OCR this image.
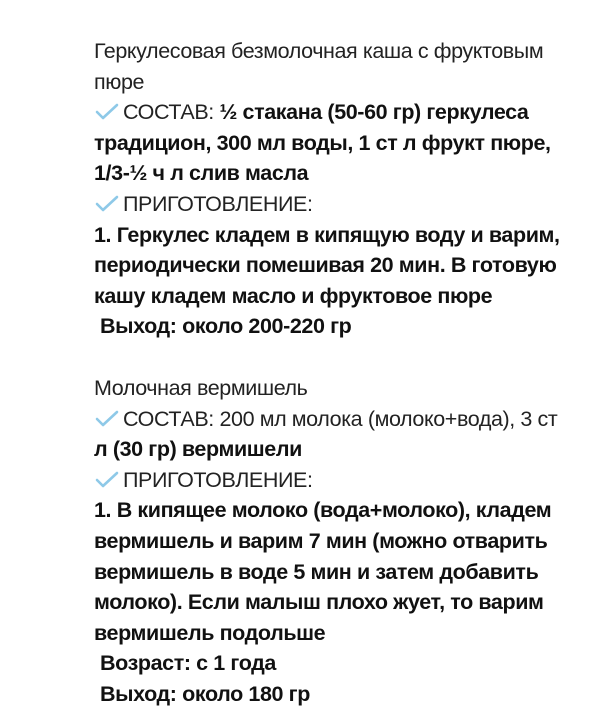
Геркулесовая безмолочная каша с фруктовым
пюре
СОСТАВ: ½ стакана (50-60 гр) геркулеса
традицион, 300 мл воды, 1 ст л фрукт пюре,
1/3-½ ч л слив масла
ПРИГОТОВЛЕНИЕ:
1. Геркулес кладем в кипящую воду и варим,
периодически помешивая 20 мин. В готовую
кашу кладем масло и фруктовое пюре
Выход: около 200-220 гр
Молочная вермишель
СОСТАВ: 200 мл молока (молоко+вода), 3 ст
л (30 гр) вермишели
ПРИГОТОВЛЕНИЕ:
1. В кипящее молоко (вода+молоко), кладем
вермишель и варим 7 мин (можно отварить
вермишель в воде 5 мин и затем добавить
молоко). Если малыш плохо жует, то варим
вермишель подольше
Возраст: с 1 года
Выход: около 180 гр
